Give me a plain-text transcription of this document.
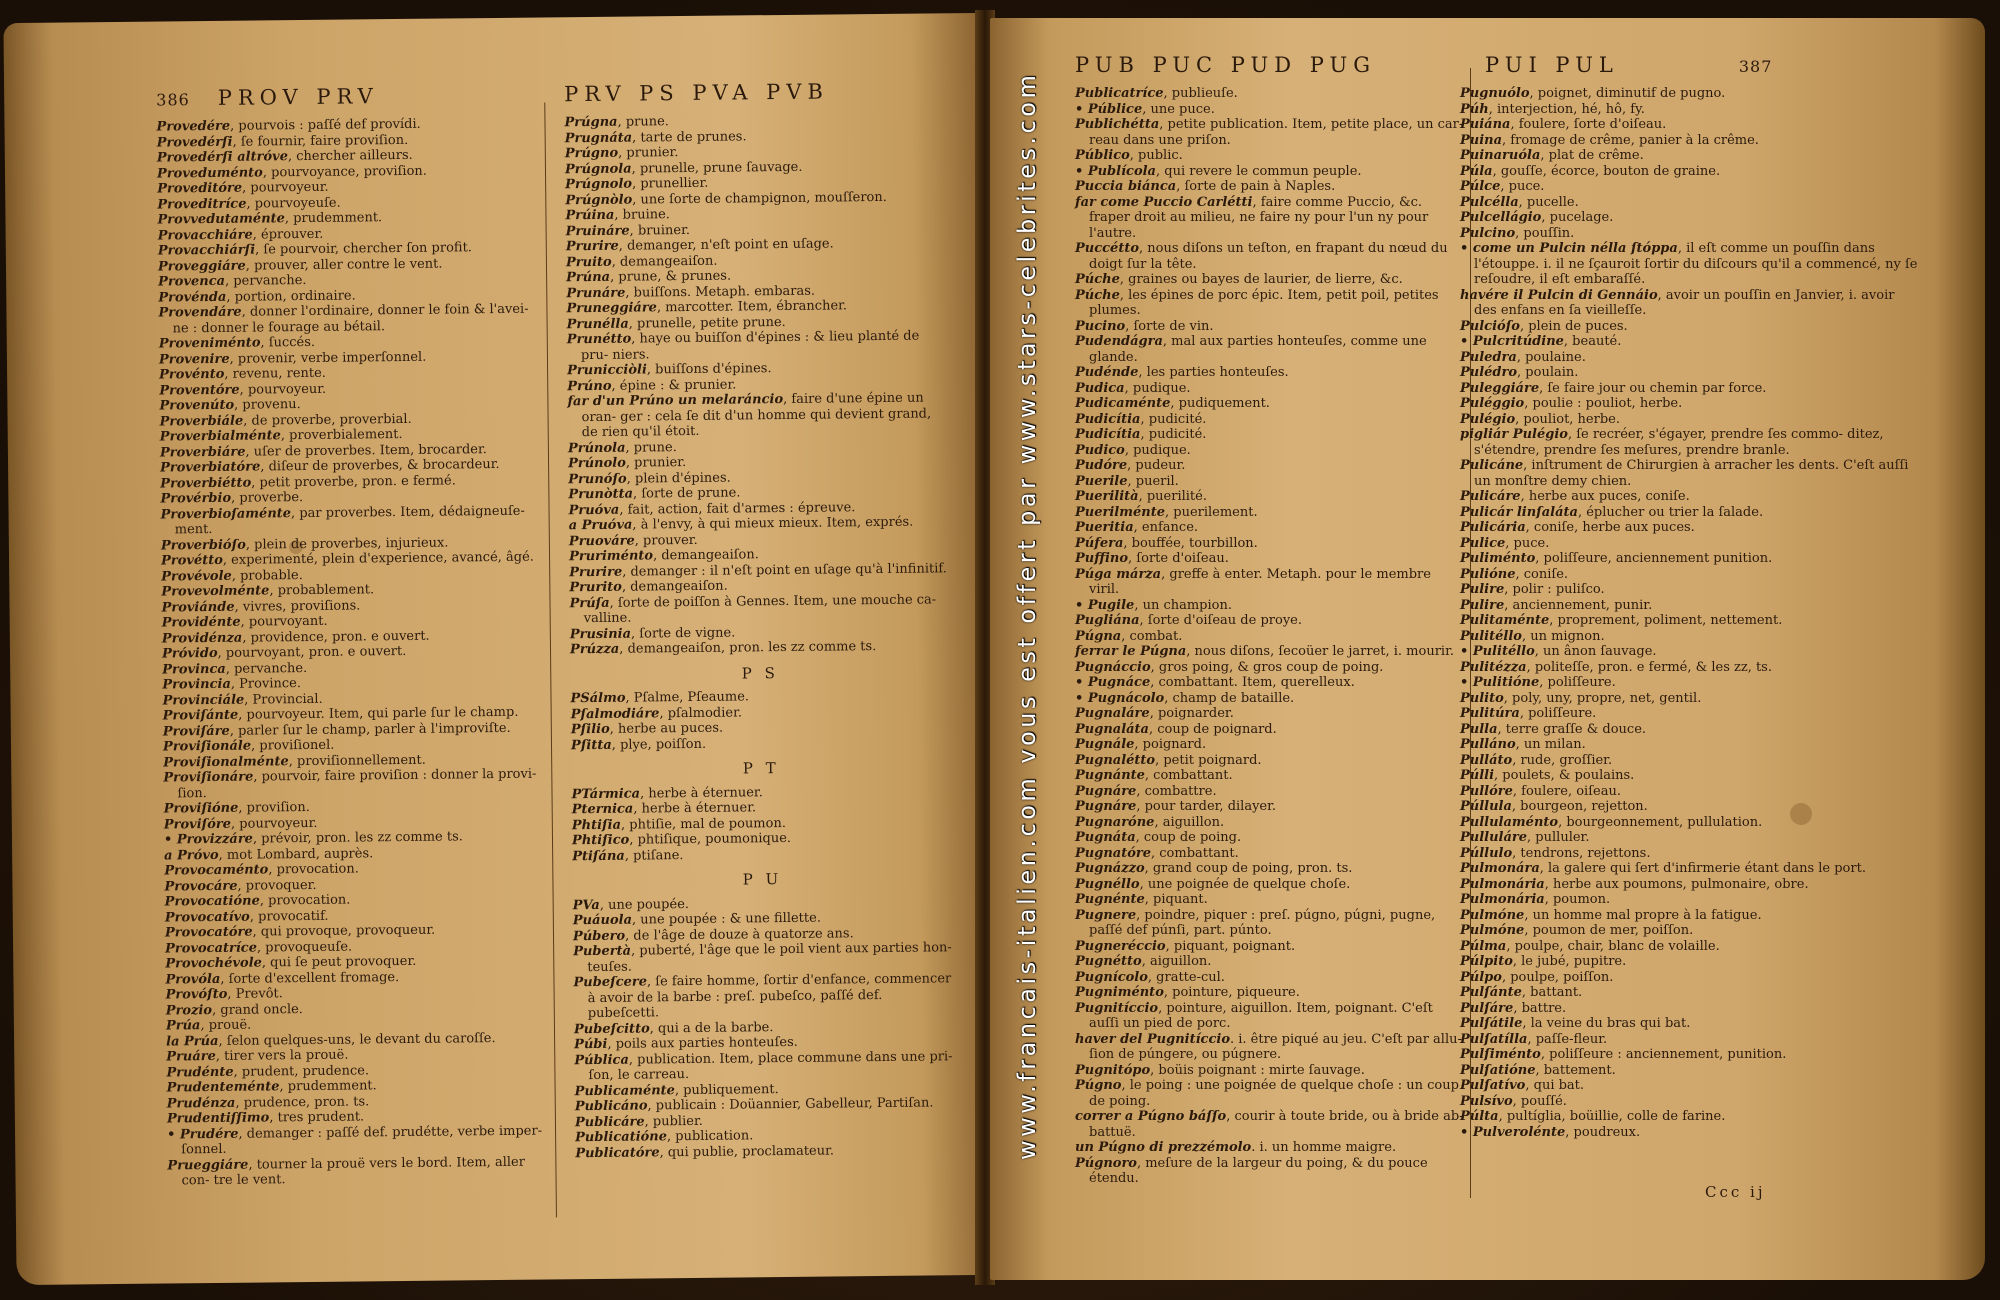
386 PROV PRV

Provedére, pourvois : paſſé def provídi.

Provedérſi, ſe fournir, faire proviſion.

Provedérſi altróve, chercher ailleurs.

Proveduménto, pourvoyance, proviſion.

Proveditóre, pourvoyeur.

Proveditríce, pourvoyeuſe.

Provvedutaménte, prudemment.

Provacchiáre, éprouver.

Provacchiárſi, ſe pourvoir, chercher ſon profit.

Proveggiáre, prouver, aller contre le vent.

Provenca, pervanche.

Provénda, portion, ordinaire.

Provendáre, donner l'ordinaire, donner le foin & l'avei- ne : donner le fourage au bétail.

Proveniménto, ſuccés.

Provenire, provenir, verbe imperſonnel.

Provénto, revenu, rente.

Proventóre, pourvoyeur.

Provenúto, provenu.

Proverbiále, de proverbe, proverbial.

Proverbialménte, proverbialement.

Proverbiáre, uſer de proverbes. Item, brocarder.

Proverbiatóre, diſeur de proverbes, & brocardeur.

Proverbiétto, petit proverbe, pron. e fermé.

Provérbio, proverbe.

Proverbioſaménte, par proverbes. Item, dédaigneuſe- ment.

Proverbióſo, plein de proverbes, injurieux.

Provétto, experimenté, plein d'experience, avancé, âgé.

Provévole, probable.

Provevolménte, probablement.

Proviánde, vivres, proviſions.

Providénte, pourvoyant.

Providénza, providence, pron. e ouvert.

Próvido, pourvoyant, pron. e ouvert.

Provinca, pervanche.

Provincia, Province.

Provinciále, Provincial.

Proviſánte, pourvoyeur. Item, qui parle ſur le champ.

Proviſáre, parler ſur le champ, parler à l'improviſte.

Proviſionále, proviſionel.

Proviſionalménte, proviſionnellement.

Proviſionáre, pourvoir, faire proviſion : donner la provi- ſion.

Proviſióne, proviſion.

Proviſóre, pourvoyeur.

• Provizzáre, prévoir, pron. les zz comme ts.

a Próvo, mot Lombard, auprès.

Provocaménto, provocation.

Provocáre, provoquer.

Provocatióne, provocation.

Provocatívo, provocatif.

Provocatóre, qui provoque, provoqueur.

Provocatríce, provoqueuſe.

Provochévole, qui ſe peut provoquer.

Provóla, ſorte d'excellent fromage.

Provóſto, Prevôt.

Prozio, grand oncle.

Prúa, prouë.

la Prúa, ſelon quelques-uns, le devant du caroſſe.

Pruáre, tirer vers la prouë.

Prudénte, prudent, prudence.

Prudenteménte, prudemment.

Prudénza, prudence, pron. ts.

Prudentiſſimo, tres prudent.

• Prudére, demanger : paſſé def. prudétte, verbe imper- ſonnel.

Prueggiáre, tourner la prouë vers le bord. Item, aller con- tre le vent.

PRV PS PVA PVB

Prúgna, prune.

Prugnáta, tarte de prunes.

Prúgno, prunier.

Prúgnola, prunelle, prune ſauvage.

Prúgnolo, prunellier.

Prúgnòlo, une ſorte de champignon, mouſſeron.

Prúina, bruine.

Pruináre, bruiner.

Prurire, demanger, n'eſt point en uſage.

Pruito, demangeaiſon.

Prúna, prune, & prunes.

Prunáre, buiſſons. Metaph. embaras.

Pruneggiáre, marcotter. Item, ébrancher.

Prunélla, prunelle, petite prune.

Prunétto, haye ou buiſſon d'épines : & lieu planté de pru- niers.

Prunicciòli, buiſſons d'épines.

Prúno, épine : & prunier.

far d'un Prúno un melaráncio, faire d'une épine un oran- ger : cela ſe dit d'un homme qui devient grand, de rien qu'il étoit.

Prúnola, prune.

Prúnolo, prunier.

Prunóſo, plein d'épines.

Prunòtta, ſorte de prune.

Pruóva, fait, action, fait d'armes : épreuve.

a Pruóva, à l'envy, à qui mieux mieux. Item, exprés.

Pruováre, prouver.

Pruriménto, demangeaiſon.

Prurire, demanger : il n'eſt point en uſage qu'à l'infinitif.

Prurito, demangeaiſon.

Prúſa, ſorte de poiſſon à Gennes. Item, une mouche ca- valline.

Prusinia, ſorte de vigne.

Prúzza, demangeaiſon, pron. les zz comme ts.

P S

PSálmo, Pſalme, Pſeaume.

Pſalmodiáre, pſalmodier.

Pſilio, herbe au puces.

Pſitta, plye, poiſſon.

P T

PTármica, herbe à éternuer.

Pternica, herbe à éternuer.

Phtiſia, phtiſie, mal de poumon.

Phtiſico, phtiſique, poumonique.

Ptiſána, ptiſane.

P U

PVa, une poupée.

Puáuola, une poupée : & une fillette.

Púbero, de l'âge de douze à quatorze ans.

Pubertà, puberté, l'âge que le poil vient aux parties hon- teuſes.

Pubeſcere, ſe faire homme, ſortir d'enfance, commencer à avoir de la barbe : preſ. pubeſco, paſſé def. pubeſcetti.

Pubeſcitto, qui a de la barbe.

Púbi, poils aux parties honteuſes.

Pública, publication. Item, place commune dans une pri- ſon, le carreau.

Publicaménte, publiquement.

Publicáno, publicain : Doüannier, Gabelleur, Partiſan.

Publicáre, publier.

Publicatióne, publication.

Publicatóre, qui publie, proclamateur.

PUB PUC PUD PUG

Publicatríce, publieuſe.

• Públice, une puce.

Publichétta, petite publication. Item, petite place, un car- reau dans une priſon.

Público, public.

• Publícola, qui revere le commun peuple.

Puccia biánca, ſorte de pain à Naples.

far come Puccio Carlétti, faire comme Puccio, &c. fraper droit au milieu, ne faire ny pour l'un ny pour l'autre.

Puccétto, nous diſons un teſton, en frapant du nœud du doigt ſur la tête.

Púche, graines ou bayes de laurier, de lierre, &c.

Púche, les épines de porc épic. Item, petit poil, petites plumes.

Pucino, ſorte de vin.

Pudendágra, mal aux parties honteuſes, comme une glande.

Pudénde, les parties honteuſes.

Pudica, pudique.

Pudicaménte, pudiquement.

Pudicítia, pudicité.

Pudicítia, pudicité.

Pudico, pudique.

Pudóre, pudeur.

Puerile, pueril.

Puerilità, puerilité.

Puerilménte, puerilement.

Pueritia, enfance.

Púfera, bouffée, tourbillon.

Puffino, ſorte d'oiſeau.

Púga márza, greffe à enter. Metaph. pour le membre viril.

• Pugile, un champion.

Pugliána, ſorte d'oiſeau de proye.

Púgna, combat.

ferrar le Púgna, nous diſons, ſecoüer le jarret, i. mourir.

Pugnáccio, gros poing, & gros coup de poing.

• Pugnáce, combattant. Item, querelleux.

• Pugnácolo, champ de bataille.

Pugnaláre, poignarder.

Pugnaláta, coup de poignard.

Pugnále, poignard.

Pugnalétto, petit poignard.

Pugnánte, combattant.

Pugnáre, combattre.

Pugnáre, pour tarder, dilayer.

Pugnaróne, aiguillon.

Pugnáta, coup de poing.

Pugnatóre, combattant.

Pugnázzo, grand coup de poing, pron. ts.

Pugnéllo, une poignée de quelque choſe.

Pugnénte, piquant.

Pugnere, poindre, piquer : preſ. púgno, púgni, pugne, paſſé def púnſi, part. púnto.

Pugneréccio, piquant, poignant.

Pugnétto, aiguillon.

Pugnícolo, gratte-cul.

Pugniménto, pointure, piqueure.

Pugnitíccio, pointure, aiguillon. Item, poignant. C'eſt auſſi un pied de porc.

haver del Pugnitíccio. i. être piqué au jeu. C'eſt par allu- ſion de púngere, ou púgnere.

Pugnitópo, boüis poignant : mirte ſauvage.

Púgno, le poing : une poignée de quelque choſe : un coup de poing.

correr a Púgno báſſo, courir à toute bride, ou à bride ab- battuë.

un Púgno di prezzémolo. i. un homme maigre.

Púgnoro, meſure de la largeur du poing, & du pouce étendu.

PUI PUL	387

Pugnuólo, poignet, diminutif de pugno.

Púh, interjection, hé, hô, fy.

Puiána, foulere, ſorte d'oiſeau.

Puina, fromage de crême, panier à la crême.

Puinaruóla, plat de crême.

Púla, gouſſe, écorce, bouton de graine.

Púlce, puce.

Pulcélla, pucelle.

Pulcellágio, pucelage.

Pulcino, pouſſin.

• come un Pulcin nélla ſtóppa, il eſt comme un pouſſin dans l'étouppe. i. il ne ſçauroit ſortir du diſcours qu'il a commencé, ny ſe reſoudre, il eſt embaraſſé.

havére il Pulcin di Gennáio, avoir un pouſſin en Janvier, i. avoir des enfans en ſa vieilleſſe.

Pulcióſo, plein de puces.

• Pulcritúdine, beauté.

Puledra, poulaine.

Pulédro, poulain.

Puleggiáre, ſe faire jour ou chemin par force.

Puléggio, poulie : pouliot, herbe.

Pulégio, pouliot, herbe.

pigliár Pulégio, ſe recréer, s'égayer, prendre ſes commo- ditez, s'étendre, prendre ſes meſures, prendre branle.

Pulicáne, inſtrument de Chirurgien à arracher les dents. C'eſt auſſi un monſtre demy chien.

Pulicáre, herbe aux puces, coniſe.

Pulicár linſaláta, éplucher ou trier la ſalade.

Pulicária, coniſe, herbe aux puces.

Pulice, puce.

Puliménto, poliſſeure, anciennement punition.

Pulióne, coniſe.

Pulire, polir : puliſco.

Pulire, anciennement, punir.

Pulitaménte, proprement, poliment, nettement.

Pulitéllo, un mignon.

• Pulitéllo, un ânon ſauvage.

Pulitézza, politeſſe, pron. e fermé, & les zz, ts.

• Pulitióne, poliſſeure.

Pulito, poly, uny, propre, net, gentil.

Pulitúra, poliſſeure.

Pulla, terre graſſe & douce.

Pulláno, un milan.

Pulláto, rude, groſſier.

Púlli, poulets, & poulains.

Pullóre, foulere, oiſeau.

Púllula, bourgeon, rejetton.

Pullulaménto, bourgeonnement, pullulation.

Pulluláre, pulluler.

Púllulo, tendrons, rejettons.

Pulmonára, la galere qui ſert d'infirmerie étant dans le port.

Pulmonária, herbe aux poumons, pulmonaire, obre.

Pulmonária, poumon.

Pulmóne, un homme mal propre à la fatigue.

Pulmóne, poumon de mer, poiſſon.

Púlma, poulpe, chair, blanc de volaille.

Púlpito, le jubé, pupitre.

Púlpo, poulpe, poiſſon.

Pulſánte, battant.

Pulſáre, battre.

Pulſátile, la veine du bras qui bat.

Pulſatílla, paſſe-fleur.

Pulſiménto, poliſſeure : anciennement, punition.

Pulſatióne, battement.

Pulſatívo, qui bat.

Pulsívo, pouſſé.

Púlta, pultíglia, boüillie, colle de farine.

• Pulverolénte, poudreux.

Ccc ij
